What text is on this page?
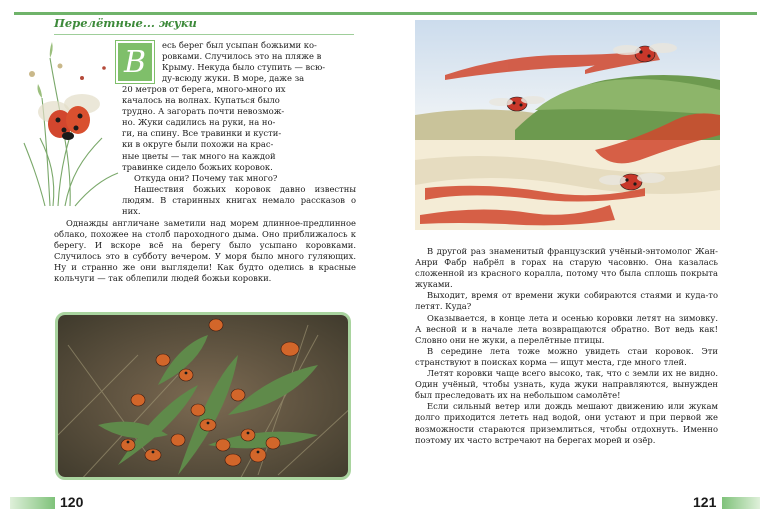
Перелётные... жуки
В	есь берег был усыпан божьими ко-
ровками. Случилось это на пляже в
Крыму. Некуда было ступить — всю-
ду-всюду жуки. В море, даже за
20 метров от берега, много-много их
качалось на волнах. Купаться было
трудно. А загорать почти невозмож-
но. Жуки садились на руки, на но-
ги, на спину. Все травинки и кусти-
ки в округе были похожи на крас-
ные цветы — так много на каждой
травинке сидело божьих коровок.

Откуда они? Почему так много?

Нашествия божьих коровок давно известны людям. В старинных книгах немало рассказов о них.

Однажды англичане заметили над морем длинное-предлинное облако, похожее на столб пароходного дыма. Оно приближалось к берегу. И вскоре всё на берегу было усыпано коровками. Случилось это в субботу вечером. У моря было много гуляющих. Ну и странно же они выглядели! Как будто оделись в красные кольчуги — так облепили людей божьи коровки.

120

В другой раз знаменитый французский учёный-энтомолог Жан-Анри Фабр набрёл в горах на старую часовню. Она казалась сложенной из красного коралла, потому что была сплошь покрыта жуками.

Выходит, время от времени жуки собираются стаями и куда-то летят. Куда?

Оказывается, в конце лета и осенью коровки летят на зимовку. А весной и в начале лета возвращаются обратно. Вот ведь как! Словно они не жуки, а перелётные птицы.

В середине лета тоже можно увидеть стаи коровок. Эти странствуют в поисках корма — ищут места, где много тлей.

Летят коровки чаще всего высоко, так, что с земли их не видно. Один учёный, чтобы узнать, куда жуки направляются, вынужден был преследовать их на небольшом самолёте!

Если сильный ветер или дождь мешают движению или жукам долго приходится лететь над водой, они устают и при первой же возможности стараются приземлиться, чтобы отдохнуть. Именно поэтому их часто встречают на берегах морей и озёр.

121
